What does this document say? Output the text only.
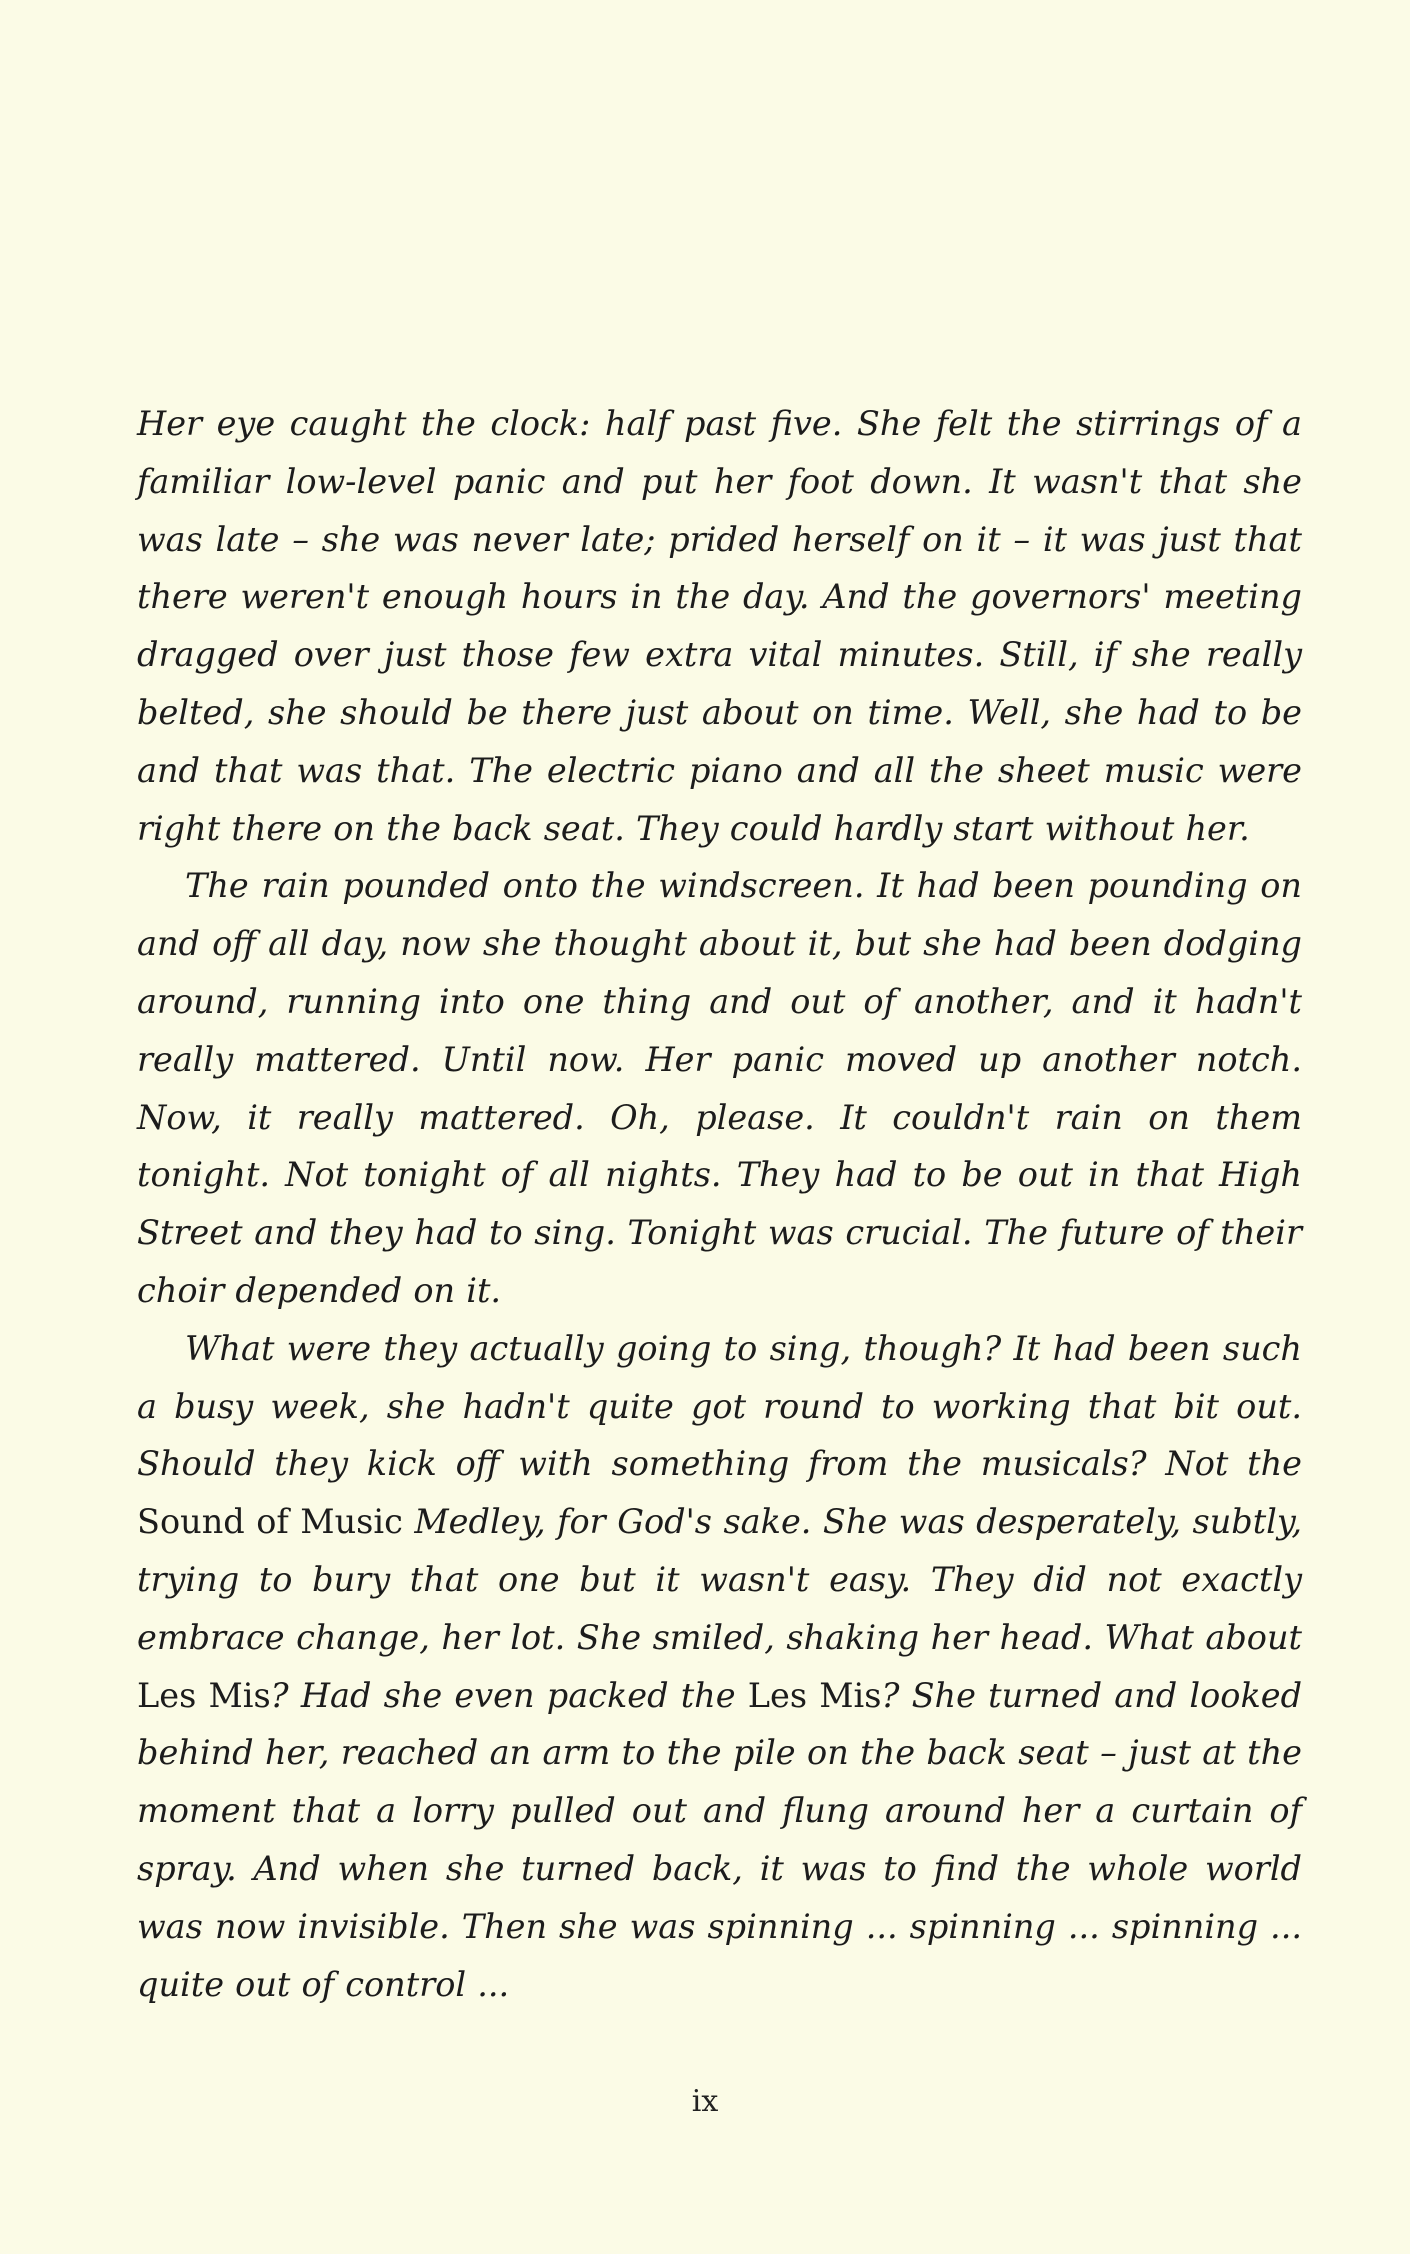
Her eye caught the clock: half past five. She felt the stirrings of a familiar low-level panic and put her foot down. It wasn't that she was late – she was never late; prided herself on it – it was just that there weren't enough hours in the day. And the governors' meeting dragged over just those few extra vital minutes. Still, if she really belted, she should be there just about on time. Well, she had to be and that was that. The electric piano and all the sheet music were right there on the back seat. They could hardly start without her.

The rain pounded onto the windscreen. It had been pounding on and off all day, now she thought about it, but she had been dodging around, running into one thing and out of another, and it hadn't really mattered. Until now. Her panic moved up another notch. Now, it really mattered. Oh, please. It couldn't rain on them tonight. Not tonight of all nights. They had to be out in that High Street and they had to sing. Tonight was crucial. The future of their choir depended on it.

What were they actually going to sing, though? It had been such a busy week, she hadn't quite got round to working that bit out. Should they kick off with something from the musicals? Not the Sound of Music Medley, for God's sake. She was desperately, subtly, trying to bury that one but it wasn't easy. They did not exactly embrace change, her lot. She smiled, shaking her head. What about Les Mis? Had she even packed the Les Mis? She turned and looked behind her, reached an arm to the pile on the back seat – just at the moment that a lorry pulled out and flung around her a curtain of spray. And when she turned back, it was to find the whole world was now invisible. Then she was spinning ... spinning ... spinning ... quite out of control ...

ix
